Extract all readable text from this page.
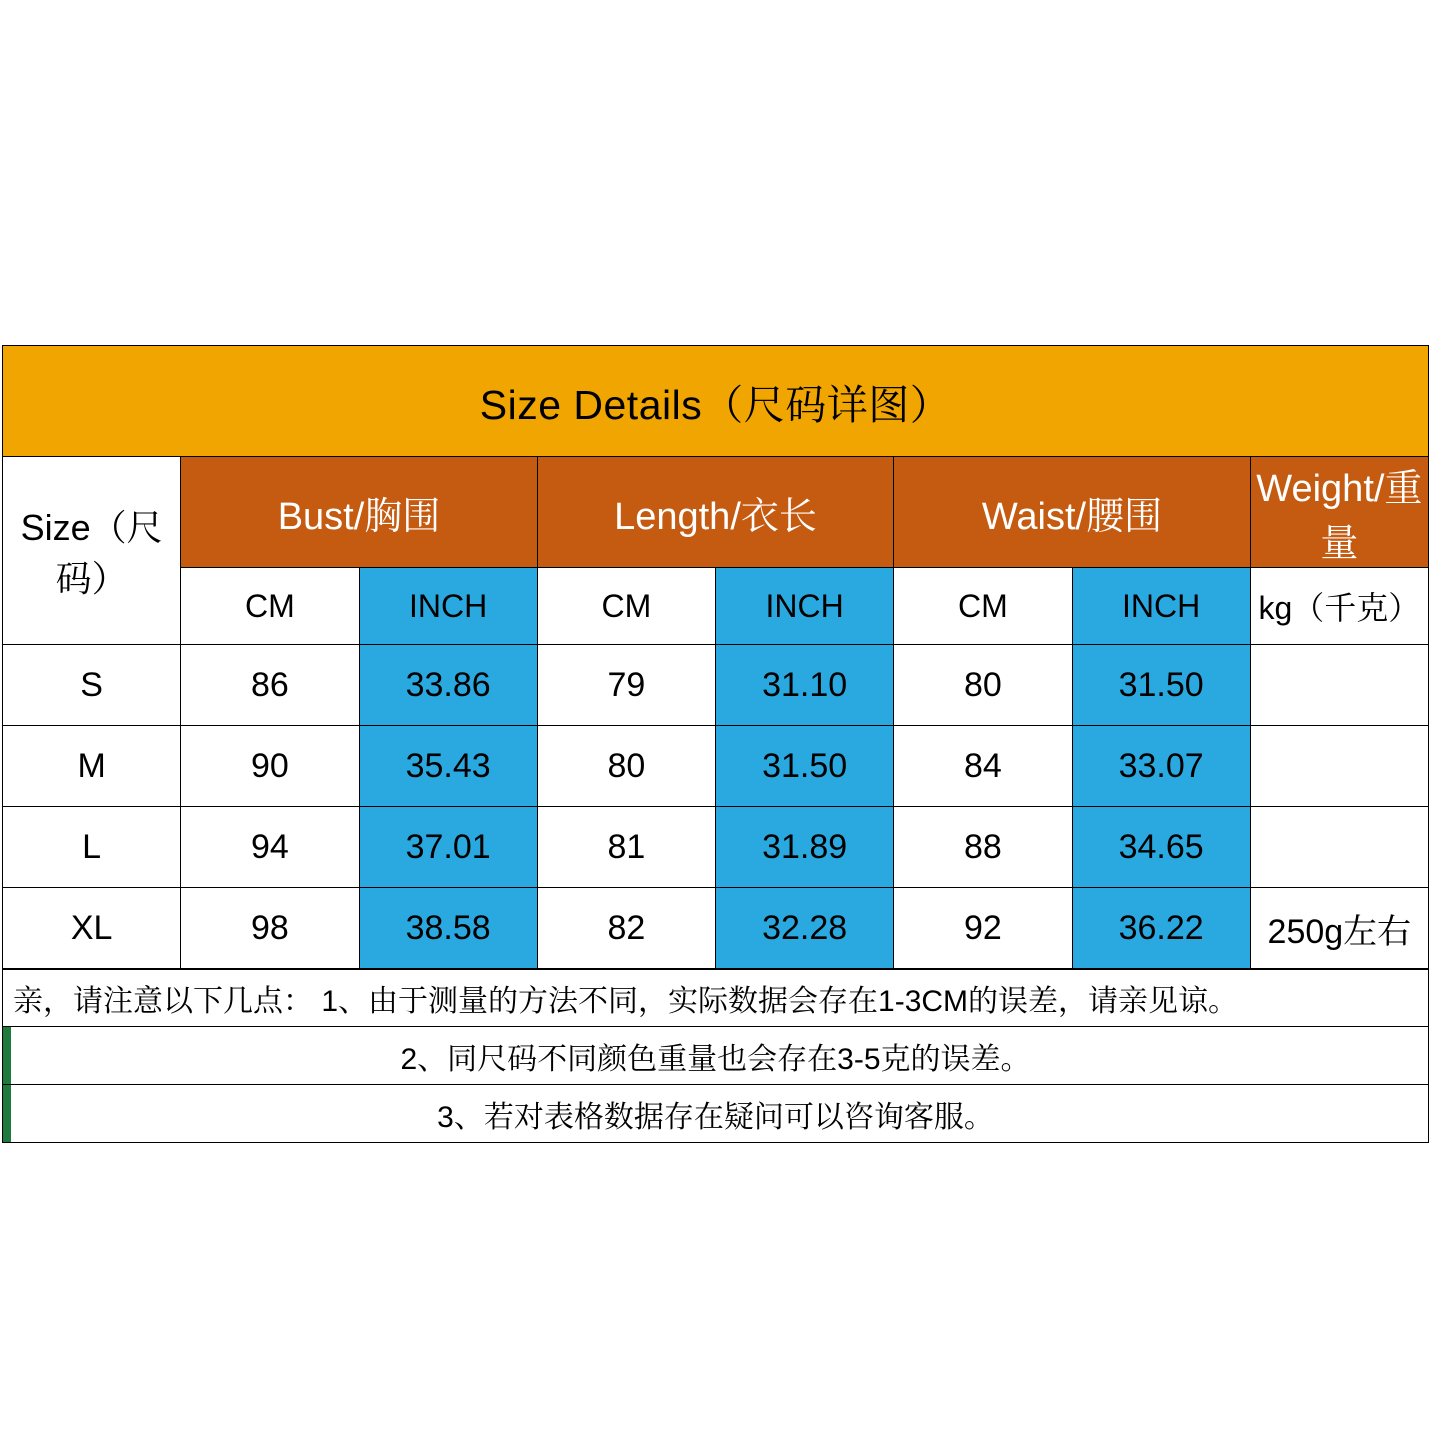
Size Details（尺码详图）							
Size（尺码）	Bust/胸围		Length/衣长		Waist/腰围		Weight/重量
	CM	INCH	CM	INCH	CM	INCH	kg（千克）
S	86	33.86	79	31.10	80	31.50	
M	90	35.43	80	31.50	84	33.07	
L	94	37.01	81	31.89	88	34.65	
XL	98	38.58	82	32.28	92	36.22	250g左右
亲，请注意以下几点： 1、由于测量的方法不同，实际数据会存在1-3CM的误差，请亲见谅。
2、同尺码不同颜色重量也会存在3-5克的误差。
3、若对表格数据存在疑问可以咨询客服。
